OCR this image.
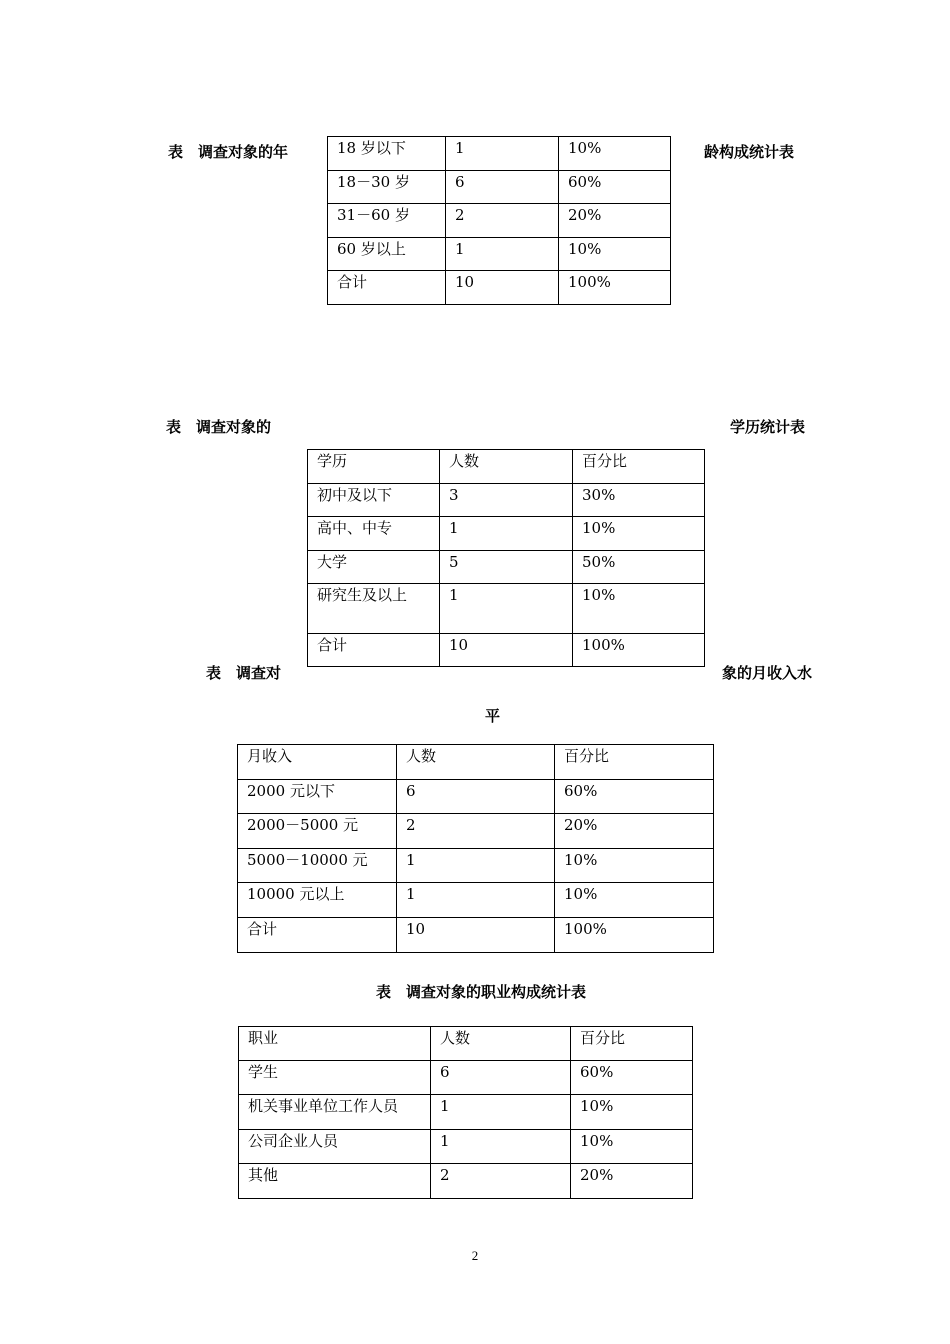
表　调查对象的年	龄构成统计表
18 岁以下	1	10%
18－30 岁	6	60%
31－60 岁	2	20%
60 岁以上	1	10%
合计	10	100%
表　调查对象的	学历统计表
学历	人数	百分比
初中及以下	3	30%
高中、中专	1	10%
大学	5	50%
研究生及以上	1	10%
合计	10	100%
表　调查对	象的月收入水
平
月收入	人数	百分比
2000 元以下	6	60%
2000－5000 元	2	20%
5000－10000 元	1	10%
10000 元以上	1	10%
合计	10	100%
表　调查对象的职业构成统计表
职业	人数	百分比
学生	6	60%
机关事业单位工作人员	1	10%
公司企业人员	1	10%
其他	2	20%
2
